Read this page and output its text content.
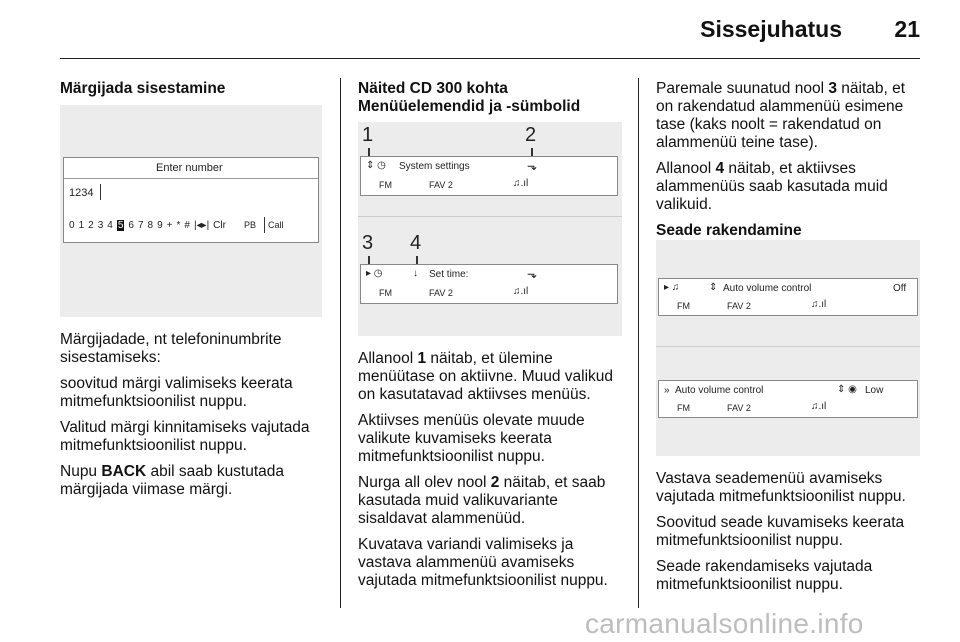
Sissejuhatus 21
Märgijada sisestamine
Enter number
1234
0 1 2 3 4 5 6 7 8 9 + * # |◂▸| Clr	PB	Call

Märgijadade, nt telefoninumbrite sisestamiseks:

soovitud märgi valimiseks keerata mitmefunktsioonilist nuppu.

Valitud märgi kinnitamiseks vajutada mitmefunktsioonilist nuppu.

Nupu BACK abil saab kustutada märgijada viimase märgi.

Näited CD 300 kohta
Menüüelemendid ja -sümbolid
1	2
⇕ ◷ System settings	⬎
FM	FAV 2	♫.ıl
3 4
▸ ◷	↓ Set time:	⬎
FM	FAV 2	♫.ıl

Allanool 1 näitab, et ülemine menüütase on aktiivne. Muud valikud on kasutatavad aktiivses menüüs.

Aktiivses menüüs olevate muude valikute kuvamiseks keerata mitmefunktsioonilist nuppu.

Nurga all olev nool 2 näitab, et saab kasutada muid valikuvariante sisaldavat alammenüüd.

Kuvatava variandi valimiseks ja vastava alammenüü avamiseks vajutada mitmefunktsioonilist nuppu.

Paremale suunatud nool 3 näitab, et on rakendatud alammenüü esimene tase (kaks noolt = rakendatud on alammenüü teine tase).

Allanool 4 näitab, et aktiivses alammenüüs saab kasutada muid valikuid.

Seade rakendamine
▸ ♫	⇕ Auto volume control	Off
FM	FAV 2	♫.ıl
» Auto volume control	⇕ ◉ Low
FM	FAV 2	♫.ıl

Vastava seademenüü avamiseks vajutada mitmefunktsioonilist nuppu.

Soovitud seade kuvamiseks keerata mitmefunktsioonilist nuppu.

Seade rakendamiseks vajutada mitmefunktsioonilist nuppu.

carmanualsonline.info
